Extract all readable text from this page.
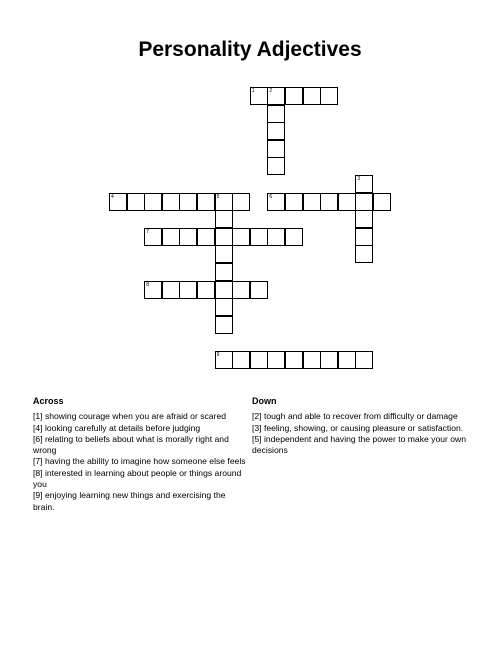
Personality Adjectives
1	2
3
4	5	6
7
8
9
Across
[1] showing courage when you are afraid or scared
[4] looking carefully at details before judging
[6] relating to beliefs about what is morally right and wrong
[7] having the ability to imagine how someone else feels
[8] interested in learning about people or things around you
[9] enjoying learning new things and exercising the brain.
Down
[2] tough and able to recover from difficulty or damage
[3] feeling, showing, or causing pleasure or satisfaction.
[5] independent and having the power to make your own decisions
